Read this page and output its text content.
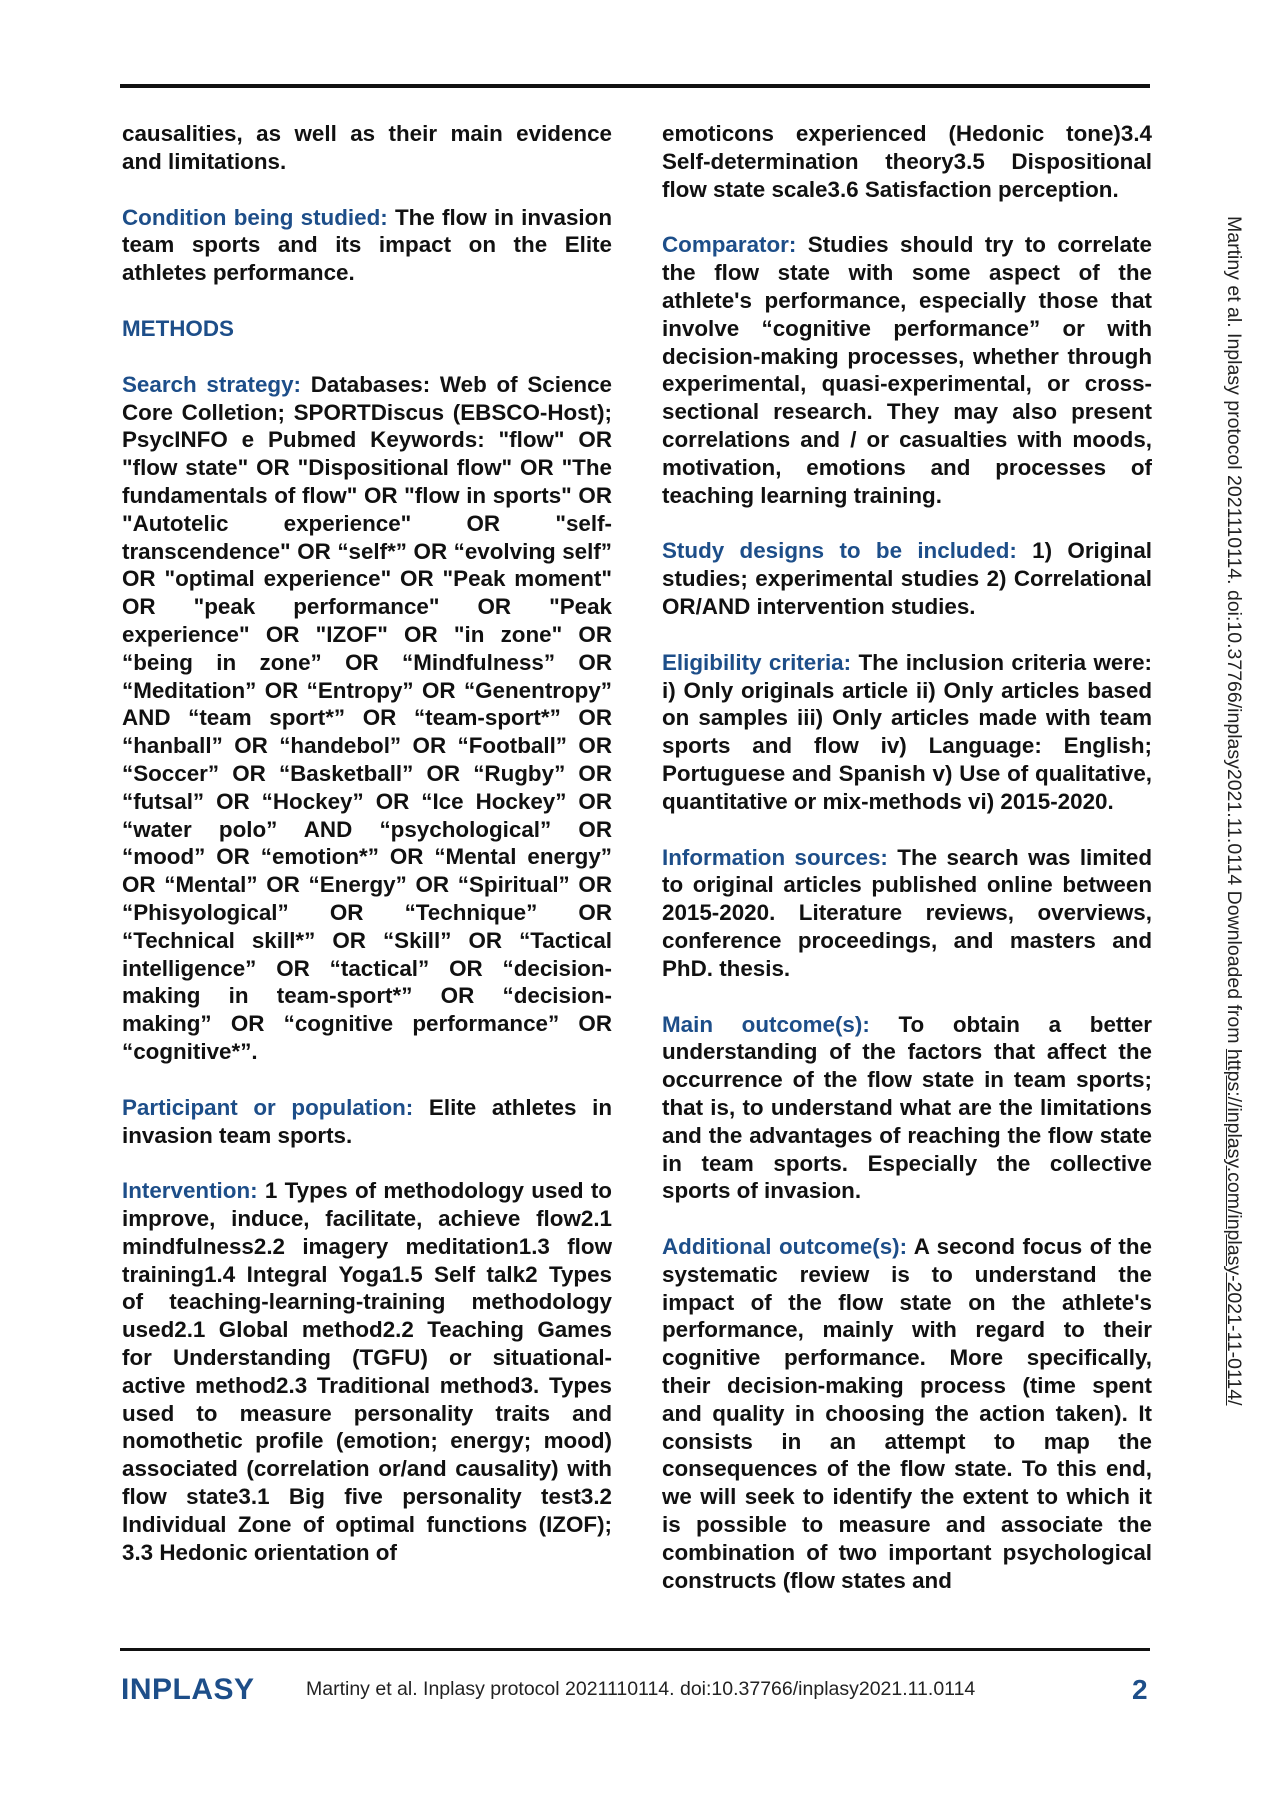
causalities, as well as their main evidence and limitations.

Condition being studied: The flow in invasion team sports and its impact on the Elite athletes performance.

METHODS

Search strategy: Databases: Web of Science Core Colletion; SPORTDiscus (EBSCO-Host); PsycINFO e Pubmed Keywords: "flow" OR "flow state" OR "Dispositional flow" OR "The fundamentals of flow" OR "flow in sports" OR "Autotelic experience" OR "self-transcendence" OR “self*” OR “evolving self” OR "optimal experience" OR "Peak moment" OR "peak performance" OR "Peak experience" OR "IZOF" OR "in zone" OR “being in zone” OR “Mindfulness” OR “Meditation” OR “Entropy” OR “Genentropy” AND “team sport*” OR “team-sport*” OR “hanball” OR “handebol” OR “Football” OR “Soccer” OR “Basketball” OR “Rugby” OR “futsal” OR “Hockey” OR “Ice Hockey” OR “water polo” AND “psychological” OR “mood” OR “emotion*” OR “Mental energy” OR “Mental” OR “Energy” OR “Spiritual” OR “Phisyological” OR “Technique” OR “Technical skill*” OR “Skill” OR “Tactical intelligence” OR “tactical” OR “decision-making in team-sport*” OR “decision-making” OR “cognitive performance” OR “cognitive*”.

Participant or population: Elite athletes in invasion team sports.

Intervention: 1 Types of methodology used to improve, induce, facilitate, achieve flow2.1 mindfulness2.2 imagery meditation1.3 flow training1.4 Integral Yoga1.5 Self talk2 Types of teaching-learning-training methodology used2.1 Global method2.2 Teaching Games for Understanding (TGFU) or situational-active method2.3 Traditional method3. Types used to measure personality traits and nomothetic profile (emotion; energy; mood) associated (correlation or/and causality) with flow state3.1 Big five personality test3.2 Individual Zone of optimal functions (IZOF); 3.3 Hedonic orientation of

emoticons experienced (Hedonic tone)3.4 Self-determination theory3.5 Dispositional flow state scale3.6 Satisfaction perception.

Comparator: Studies should try to correlate the flow state with some aspect of the athlete's performance, especially those that involve “cognitive performance” or with decision-making processes, whether through experimental, quasi-experimental, or cross-sectional research. They may also present correlations and / or casualties with moods, motivation, emotions and processes of teaching learning training.

Study designs to be included: 1) Original studies; experimental studies 2) Correlational OR/AND intervention studies.

Eligibility criteria: The inclusion criteria were: i) Only originals article ii) Only articles based on samples iii) Only articles made with team sports and flow iv) Language: English; Portuguese and Spanish v) Use of qualitative, quantitative or mix-methods vi) 2015-2020.

Information sources: The search was limited to original articles published online between 2015-2020. Literature reviews, overviews, conference proceedings, and masters and PhD. thesis.

Main outcome(s): To obtain a better understanding of the factors that affect the occurrence of the flow state in team sports; that is, to understand what are the limitations and the advantages of reaching the flow state in team sports. Especially the collective sports of invasion.

Additional outcome(s): A second focus of the systematic review is to understand the impact of the flow state on the athlete's performance, mainly with regard to their cognitive performance. More specifically, their decision-making process (time spent and quality in choosing the action taken). It consists in an attempt to map the consequences of the flow state. To this end, we will seek to identify the extent to which it is possible to measure and associate the combination of two important psychological constructs (flow states and

Martiny et al. Inplasy protocol 2021110114. doi:10.37766/inplasy2021.11.0114 Downloaded from https://inplasy.com/inplasy-2021-11-0114/
INPLASY	Martiny et al. Inplasy protocol 2021110114. doi:10.37766/inplasy2021.11.0114	2
